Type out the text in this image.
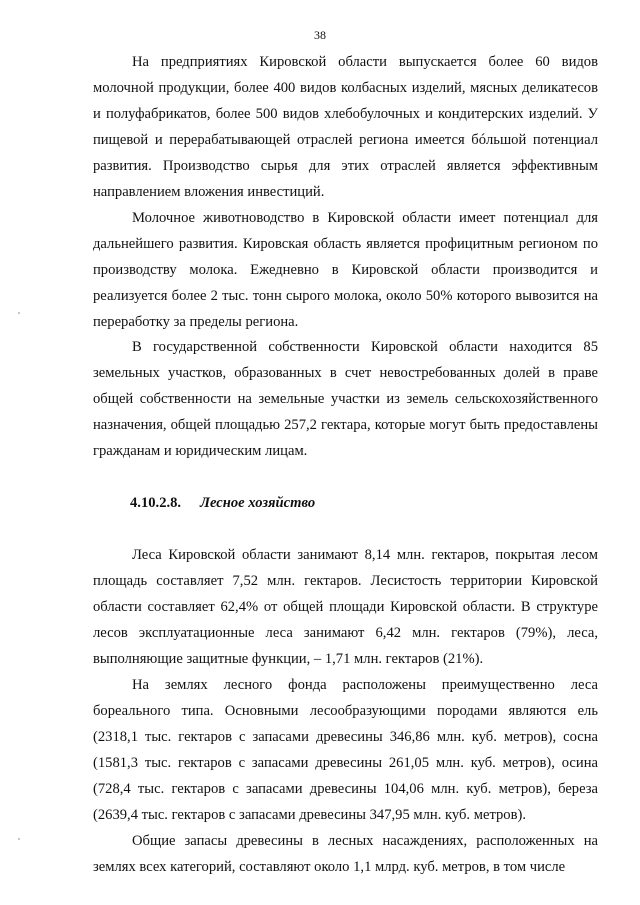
38

На предприятиях Кировской области выпускается более 60 видов молочной продукции, более 400 видов колбасных изделий, мясных деликатесов и полуфабрикатов, более 500 видов хлебобулочных и кондитерских изделий. У пищевой и перерабатывающей отраслей региона имеется бóльшой потенциал развития. Производство сырья для этих отраслей является эффективным направлением вложения инвестиций.

Молочное животноводство в Кировской области имеет потенциал для дальнейшего развития. Кировская область является профицитным регионом по производству молока. Ежедневно в Кировской области производится и реализуется более 2 тыс. тонн сырого молока, около 50% которого вывозится на переработку за пределы региона.

В государственной собственности Кировской области находится 85 земельных участков, образованных в счет невостребованных долей в праве общей собственности на земельные участки из земель сельскохозяйственного назначения, общей площадью 257,2 гектара, которые могут быть предоставлены гражданам и юридическим лицам.

4.10.2.8. Лесное хозяйство

Леса Кировской области занимают 8,14 млн. гектаров, покрытая лесом площадь составляет 7,52 млн. гектаров. Лесистость территории Кировской области составляет 62,4% от общей площади Кировской области. В структуре лесов эксплуатационные леса занимают 6,42 млн. гектаров (79%), леса, выполняющие защитные функции, – 1,71 млн. гектаров (21%).

На землях лесного фонда расположены преимущественно леса бореального типа. Основными лесообразующими породами являются ель (2318,1 тыс. гектаров с запасами древесины 346,86 млн. куб. метров), сосна (1581,3 тыс. гектаров с запасами древесины 261,05 млн. куб. метров), осина (728,4 тыс. гектаров с запасами древесины 104,06 млн. куб. метров), береза (2639,4 тыс. гектаров с запасами древесины 347,95 млн. куб. метров).

Общие запасы древесины в лесных насаждениях, расположенных на землях всех категорий, составляют около 1,1 млрд. куб. метров, в том числе
